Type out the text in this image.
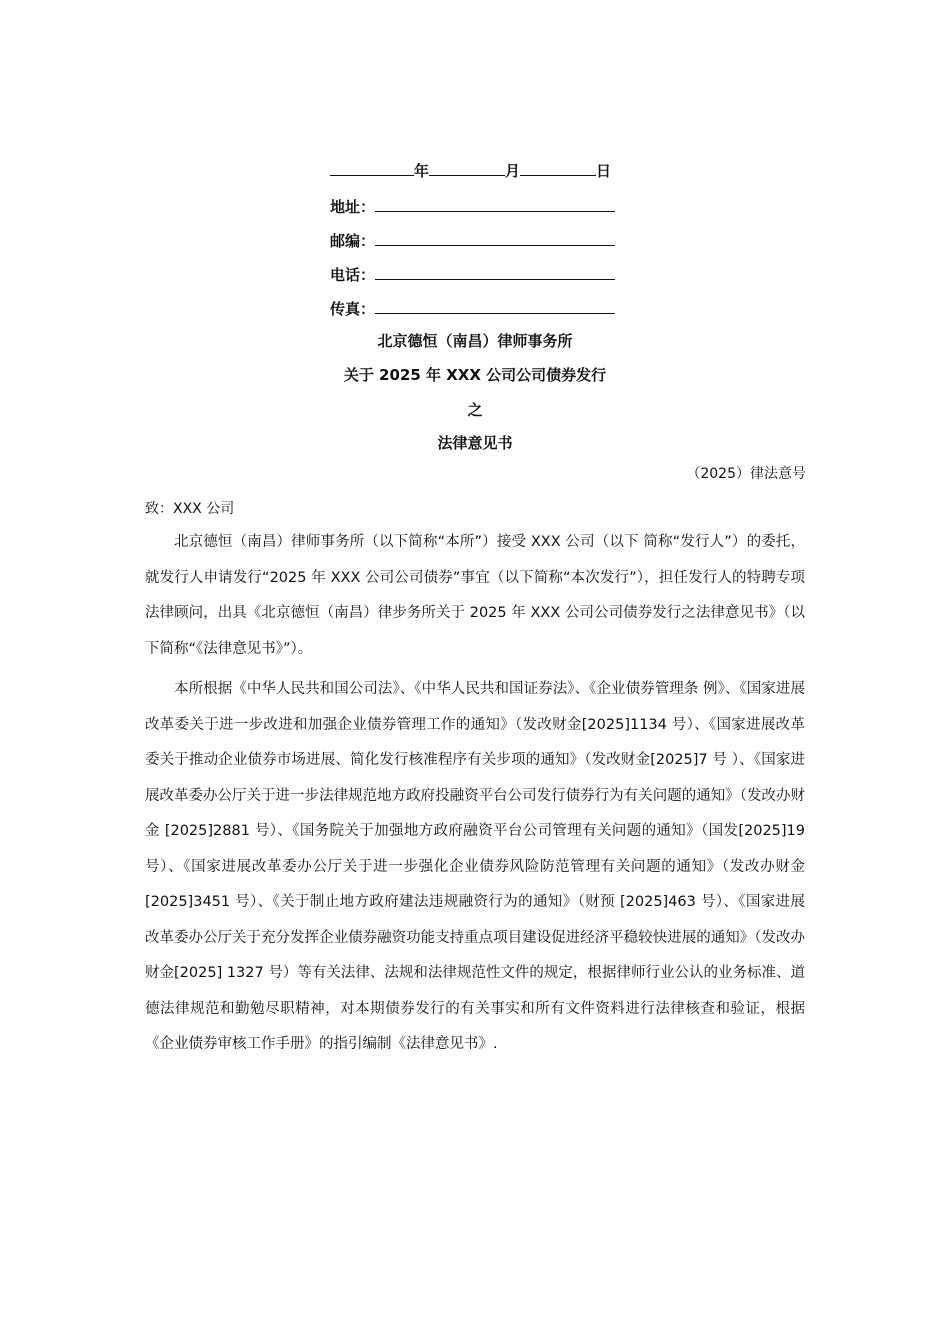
年	月	日
地址：
邮编：
电话：
传真：
北京德恒（南昌）律师事务所
关于 2025 年 XXX 公司公司债券发行
之
法律意见书
（2025）律法意号
致：XXX 公司

北京德恒（南昌）律师事务所（以下简称“本所”）接受 XXX 公司（以下 简称“发行人”）的委托，就发行人申请发行“2025 年 XXX 公司公司债券”事宜（以下简称“本次发行”），担任发行人的特聘专项法律顾问，出具《北京德恒（南昌）律步务所关于 2025 年 XXX 公司公司债券发行之法律意见书》（以下简称“《法律意见书》”）。

本所根据《中华人民共和国公司法》、《中华人民共和国证券法》、《企业债券管理条 例》、《国家进展改革委关于进一步改进和加强企业债券管理工作的通知》（发改财金[2025]1134 号）、《国家进展改革委关于推动企业债券市场进展、简化发行核准程序有关步项的通知》（发改财金[2025]7 号 ）、《国家进展改革委办公厅关于进一步法律规范地方政府投融资平台公司发行债券行为有关问题的通知》（发改办财金 [2025]2881 号）、《国务院关于加强地方政府融资平台公司管理有关问题的通知》（国发[2025]19 号）、《国家进展改革委办公厅关于进一步强化企业债券风险防范管理有关问题的通知》（发改办财金 [2025]3451 号）、《关于制止地方政府建法违规融资行为的通知》（财预 [2025]463 号）、《国家进展改革委办公厅关于充分发挥企业债券融资功能支持重点项目建设促进经济平稳较快进展的通知》（发改办财金[2025] 1327 号）等有关法律、法规和法律规范性文件的规定，根据律师行业公认的业务标准、道德法律规范和勤勉尽职精神，对本期债券发行的有关事实和所有文件资料进行法律核查和验证，根据《企业债券审核工作手册》的指引编制《法律意见书》.
